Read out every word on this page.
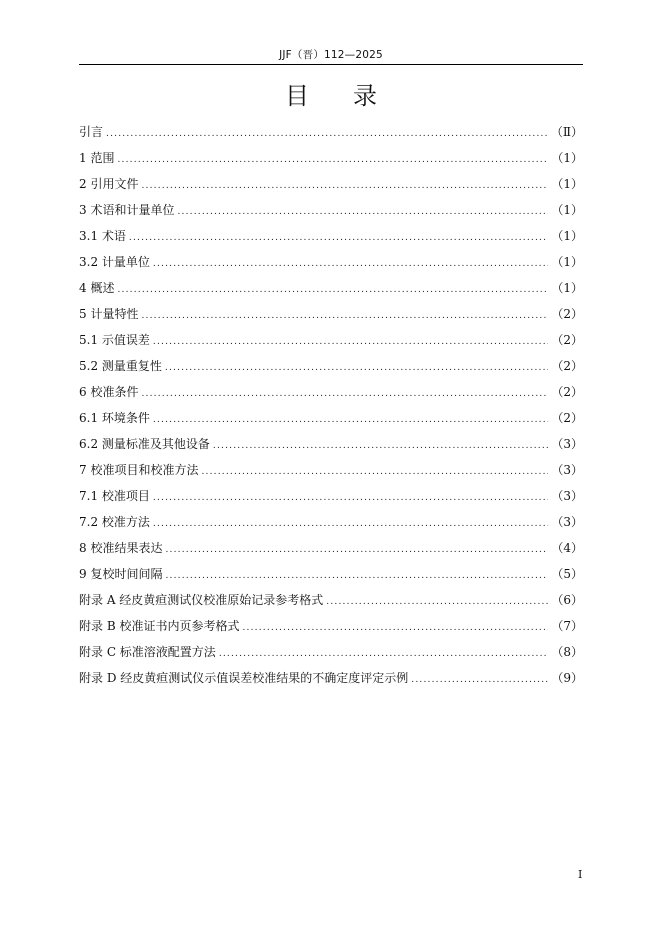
JJF（晋）112—2025
目 录
引言 .....	（Ⅱ）
1 范围 .....	（1）
2 引用文件 .....	（1）
3 术语和计量单位 .....	（1）
3.1 术语 .....	（1）
3.2 计量单位 .....	（1）
4 概述 .....	（1）
5 计量特性 .....	（2）
5.1 示值误差 .....	（2）
5.2 测量重复性 .....	（2）
6 校准条件 .....	（2）
6.1 环境条件 .....	（2）
6.2 测量标准及其他设备 .....	（3）
7 校准项目和校准方法 .....	（3）
7.1 校准项目 .....	（3）
7.2 校准方法 .....	（3）
8 校准结果表达 .....	（4）
9 复校时间间隔 .....	（5）
附录 A 经皮黄疸测试仪校准原始记录参考格式 .....	（6）
附录 B 校准证书内页参考格式 .....	（7）
附录 C 标准溶液配置方法 .....	（8）
附录 D 经皮黄疸测试仪示值误差校准结果的不确定度评定示例 .....	（9）
I
